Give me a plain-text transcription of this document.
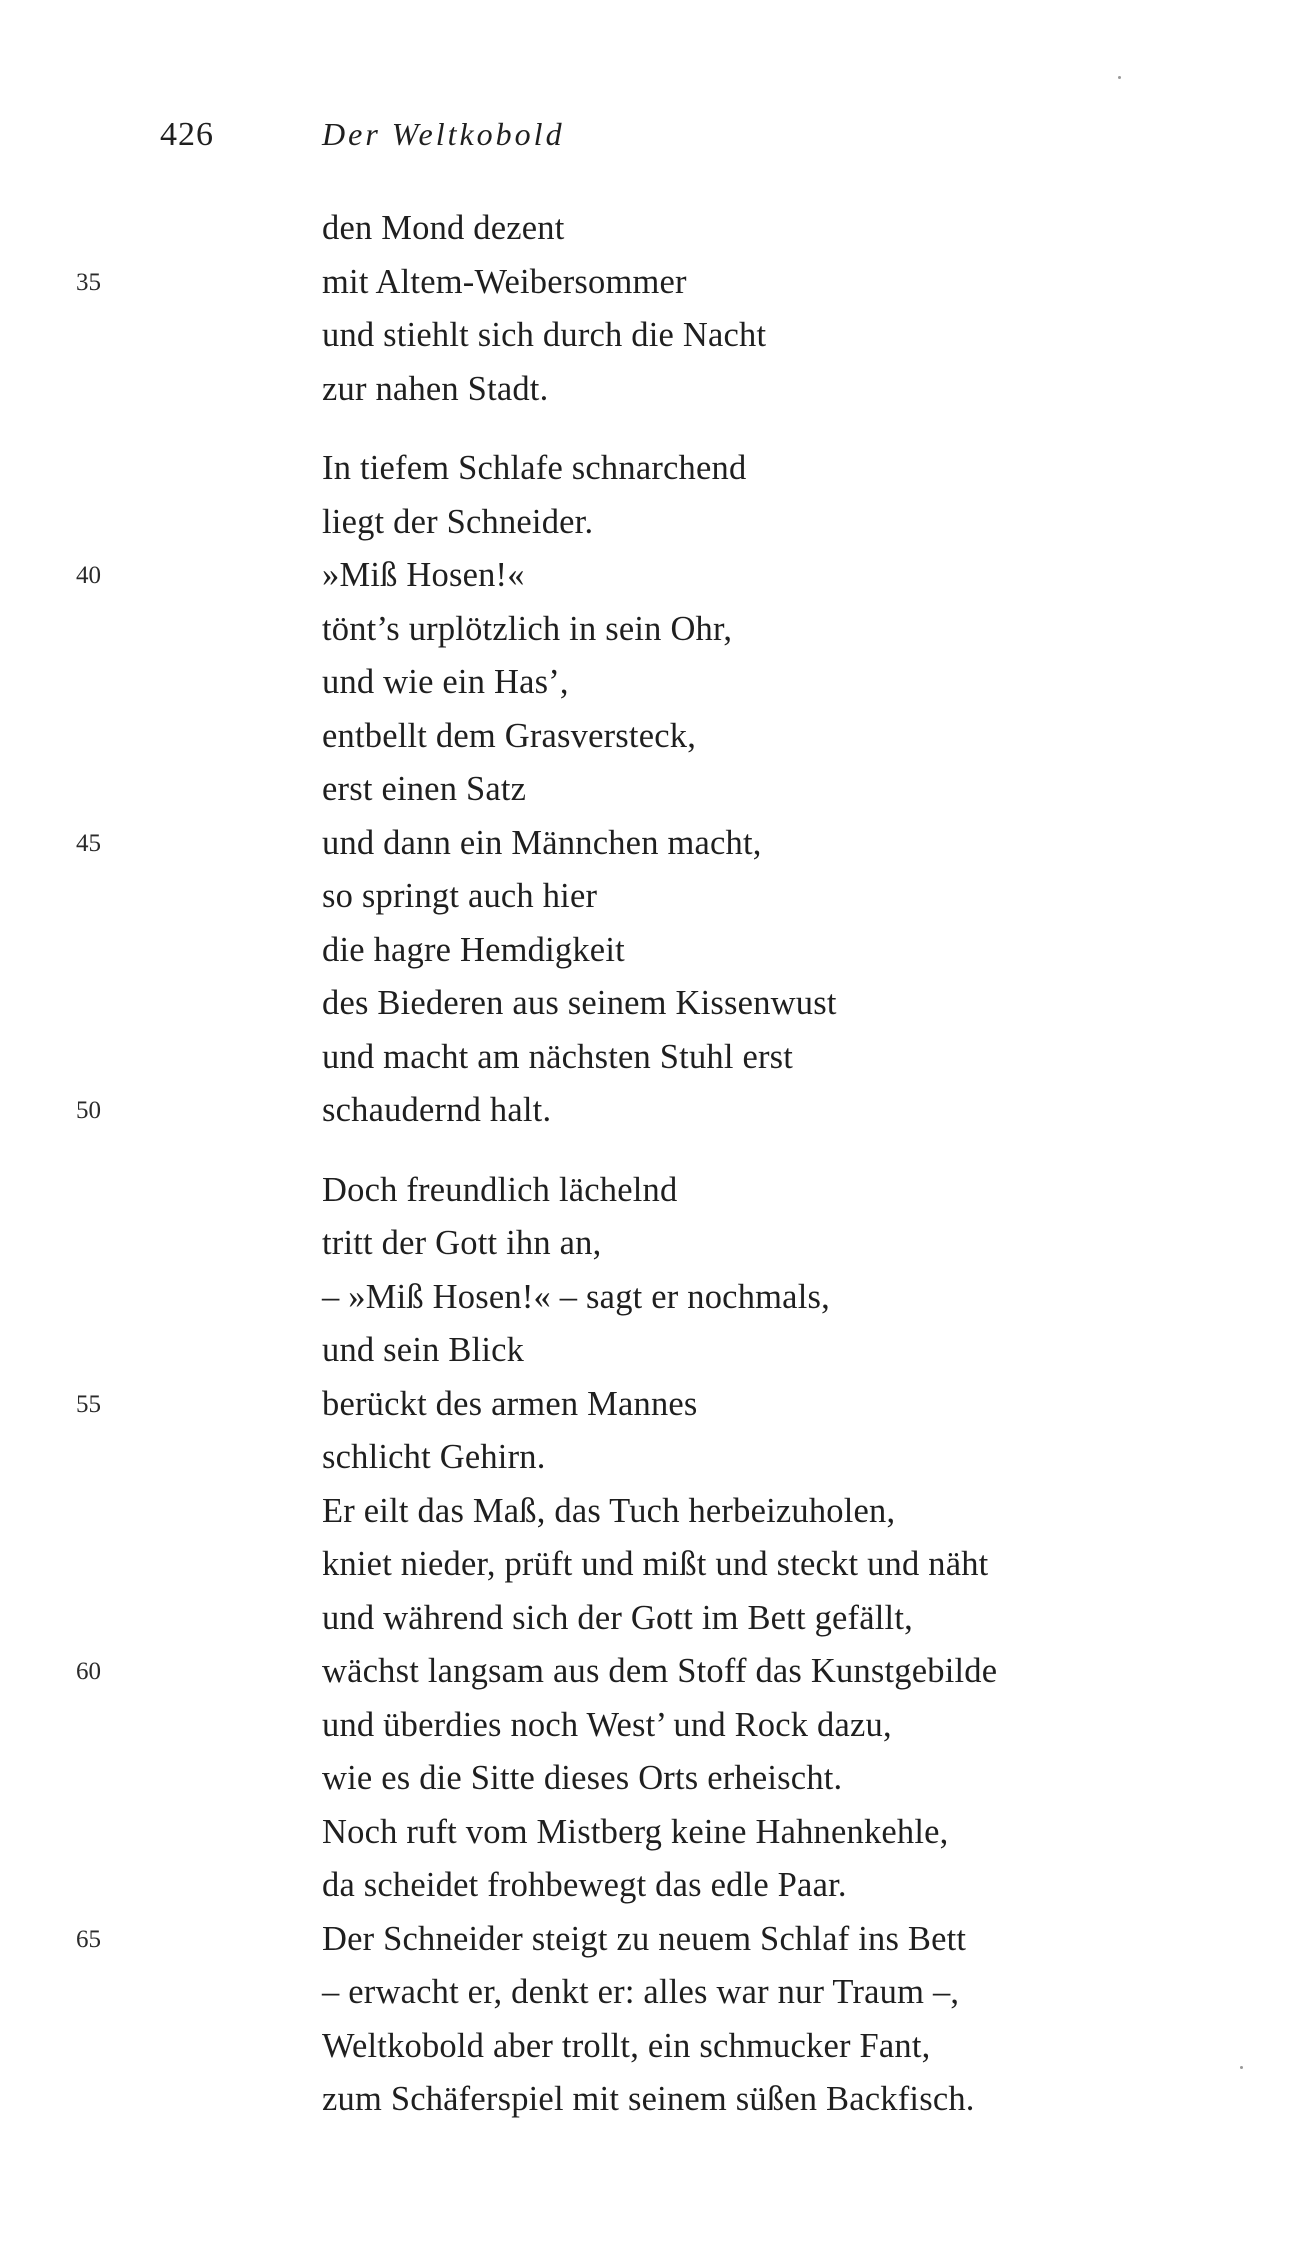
426	Der Weltkobold
den Mond dezent
35	mit Altem-Weibersommer
und stiehlt sich durch die Nacht
zur nahen Stadt.
In tiefem Schlafe schnarchend
liegt der Schneider.
40	»Miß Hosen!«
tönt’s urplötzlich in sein Ohr,
und wie ein Has’,
entbellt dem Grasversteck,
erst einen Satz
45	und dann ein Männchen macht,
so springt auch hier
die hagre Hemdigkeit
des Biederen aus seinem Kissenwust
und macht am nächsten Stuhl erst
50	schaudernd halt.
Doch freundlich lächelnd
tritt der Gott ihn an,
– »Miß Hosen!« – sagt er nochmals,
und sein Blick
55	berückt des armen Mannes
schlicht Gehirn.
Er eilt das Maß, das Tuch herbeizuholen,
kniet nieder, prüft und mißt und steckt und näht
und während sich der Gott im Bett gefällt,
60	wächst langsam aus dem Stoff das Kunstgebilde
und überdies noch West’ und Rock dazu,
wie es die Sitte dieses Orts erheischt.
Noch ruft vom Mistberg keine Hahnenkehle,
da scheidet frohbewegt das edle Paar.
65	Der Schneider steigt zu neuem Schlaf ins Bett
– erwacht er, denkt er: alles war nur Traum –,
Weltkobold aber trollt, ein schmucker Fant,
zum Schäferspiel mit seinem süßen Backfisch.
